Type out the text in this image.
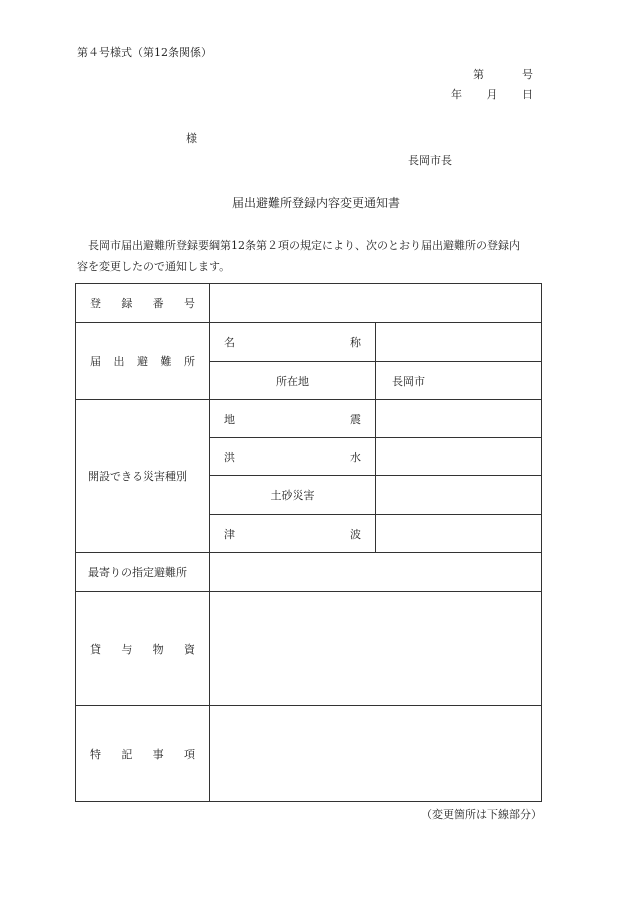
第４号様式（第12条関係）
第	号
年 月 日
様
長岡市長
届出避難所登録内容変更通知書
長岡市届出避難所登録要綱第12条第２項の規定により、次のとおり届出避難所の登録内
容を変更したので通知します。
登 録 番 号		

届 出 避 難 所	名 称	

	所在地	長岡市

開設できる災害種別	地 震	

	洪 水	

	土砂災害	

	津 波	

最寄りの指定避難所		

貸 与 物 資		

特 記 事 項		

（変更箇所は下線部分）
